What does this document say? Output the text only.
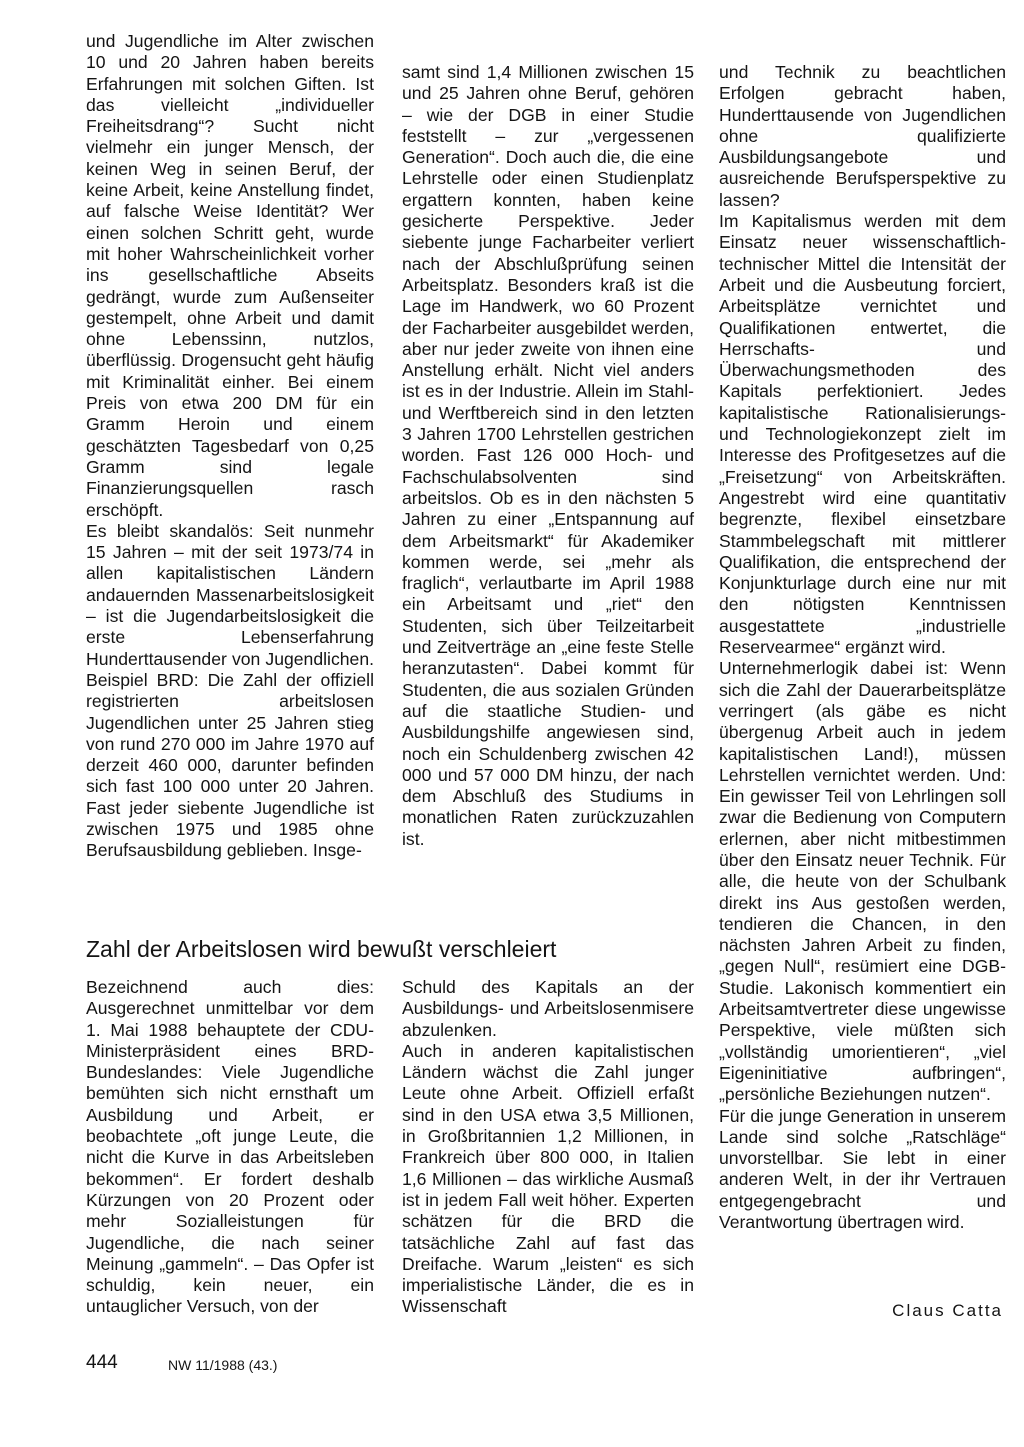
und Jugendliche im Alter zwischen 10 und 20 Jahren haben bereits Erfahrungen mit solchen Giften. Ist das vielleicht „individueller Freiheitsdrang“? Sucht nicht vielmehr ein junger Mensch, der keinen Weg in seinen Beruf, der keine Arbeit, keine Anstellung findet, auf falsche Weise Identität? Wer einen solchen Schritt geht, wurde mit hoher Wahrscheinlichkeit vorher ins gesellschaftliche Abseits gedrängt, wurde zum Außenseiter gestempelt, ohne Arbeit und damit ohne Lebenssinn, nutzlos, überflüssig. Drogensucht geht häufig mit Kriminalität einher. Bei einem Preis von etwa 200 DM für ein Gramm Heroin und einem geschätzten Tagesbedarf von 0,25 Gramm sind legale Finanzierungsquellen rasch erschöpft.

Es bleibt skandalös: Seit nunmehr 15 Jahren – mit der seit 1973/74 in allen kapitalistischen Ländern andauernden Massenarbeitslosigkeit – ist die Jugendarbeitslosigkeit die erste Lebenserfahrung Hunderttausender von Jugendlichen. Beispiel BRD: Die Zahl der offiziell registrierten arbeitslosen Jugendlichen unter 25 Jahren stieg von rund 270 000 im Jahre 1970 auf derzeit 460 000, darunter befinden sich fast 100 000 unter 20 Jahren. Fast jeder siebente Jugendliche ist zwischen 1975 und 1985 ohne Berufsausbildung geblieben. Insge-

samt sind 1,4 Millionen zwischen 15 und 25 Jahren ohne Beruf, gehören – wie der DGB in einer Studie feststellt – zur „vergessenen Generation“. Doch auch die, die eine Lehrstelle oder einen Studienplatz ergattern konnten, haben keine gesicherte Perspektive. Jeder siebente junge Facharbeiter verliert nach der Abschlußprüfung seinen Arbeitsplatz. Besonders kraß ist die Lage im Handwerk, wo 60 Prozent der Facharbeiter ausgebildet werden, aber nur jeder zweite von ihnen eine Anstellung erhält. Nicht viel anders ist es in der Industrie. Allein im Stahl- und Werftbereich sind in den letzten 3 Jahren 1700 Lehrstellen gestrichen worden. Fast 126 000 Hoch- und Fachschulabsolventen sind arbeitslos. Ob es in den nächsten 5 Jahren zu einer „Entspannung auf dem Arbeitsmarkt“ für Akademiker kommen werde, sei „mehr als fraglich“, verlautbarte im April 1988 ein Arbeitsamt und „riet“ den Studenten, sich über Teilzeitarbeit und Zeitverträge an „eine feste Stelle heranzutasten“. Dabei kommt für Studenten, die aus sozialen Gründen auf die staatliche Studien- und Ausbildungshilfe angewiesen sind, noch ein Schuldenberg zwischen 42 000 und 57 000 DM hinzu, der nach dem Abschluß des Studiums in monatlichen Raten zurückzuzahlen ist.

und Technik zu beachtlichen Erfolgen gebracht haben, Hunderttausende von Jugendlichen ohne qualifizierte Ausbildungsangebote und ausreichende Berufsperspektive zu lassen?

Im Kapitalismus werden mit dem Einsatz neuer wissenschaftlich-technischer Mittel die Intensität der Arbeit und die Ausbeutung forciert, Arbeitsplätze vernichtet und Qualifikationen entwertet, die Herrschafts- und Überwachungsmethoden des Kapitals perfektioniert. Jedes kapitalistische Rationalisierungs- und Technologiekonzept zielt im Interesse des Profitgesetzes auf die „Freisetzung“ von Arbeitskräften. Angestrebt wird eine quantitativ begrenzte, flexibel einsetzbare Stammbelegschaft mit mittlerer Qualifikation, die entsprechend der Konjunkturlage durch eine nur mit den nötigsten Kenntnissen ausgestattete „industrielle Reservearmee“ ergänzt wird.

Unternehmerlogik dabei ist: Wenn sich die Zahl der Dauerarbeitsplätze verringert (als gäbe es nicht übergenug Arbeit auch in jedem kapitalistischen Land!), müssen Lehrstellen vernichtet werden. Und: Ein gewisser Teil von Lehrlingen soll zwar die Bedienung von Computern erlernen, aber nicht mitbestimmen über den Einsatz neuer Technik. Für alle, die heute von der Schulbank direkt ins Aus gestoßen werden, tendieren die Chancen, in den nächsten Jahren Arbeit zu finden, „gegen Null“, resümiert eine DGB-Studie. Lakonisch kommentiert ein Arbeitsamtvertreter diese ungewisse Perspektive, viele müßten sich „vollständig umorientieren“, „viel Eigeninitiative aufbringen“, „persönliche Beziehungen nutzen“.

Für die junge Generation in unserem Lande sind solche „Ratschläge“ unvorstellbar. Sie lebt in einer anderen Welt, in der ihr Vertrauen entgegengebracht und Verantwortung übertragen wird.

Zahl der Arbeitslosen wird bewußt verschleiert

Bezeichnend auch dies: Ausgerechnet unmittelbar vor dem 1. Mai 1988 behauptete der CDU-Ministerpräsident eines BRD-Bundeslandes: Viele Jugendliche bemühten sich nicht ernsthaft um Ausbildung und Arbeit, er beobachtete „oft junge Leute, die nicht die Kurve in das Arbeitsleben bekommen“. Er fordert deshalb Kürzungen von 20 Prozent oder mehr Sozialleistungen für Jugendliche, die nach seiner Meinung „gammeln“. – Das Opfer ist schuldig, kein neuer, ein untauglicher Versuch, von der

Schuld des Kapitals an der Ausbildungs- und Arbeitslosenmisere abzulenken.

Auch in anderen kapitalistischen Ländern wächst die Zahl junger Leute ohne Arbeit. Offiziell erfaßt sind in den USA etwa 3,5 Millionen, in Großbritannien 1,2 Millionen, in Frankreich über 800 000, in Italien 1,6 Millionen – das wirkliche Ausmaß ist in jedem Fall weit höher. Experten schätzen für die BRD die tatsächliche Zahl auf fast das Dreifache. Warum „leisten“ es sich imperialistische Länder, die es in Wissenschaft	Claus Catta
444	NW 11/1988 (43.)
